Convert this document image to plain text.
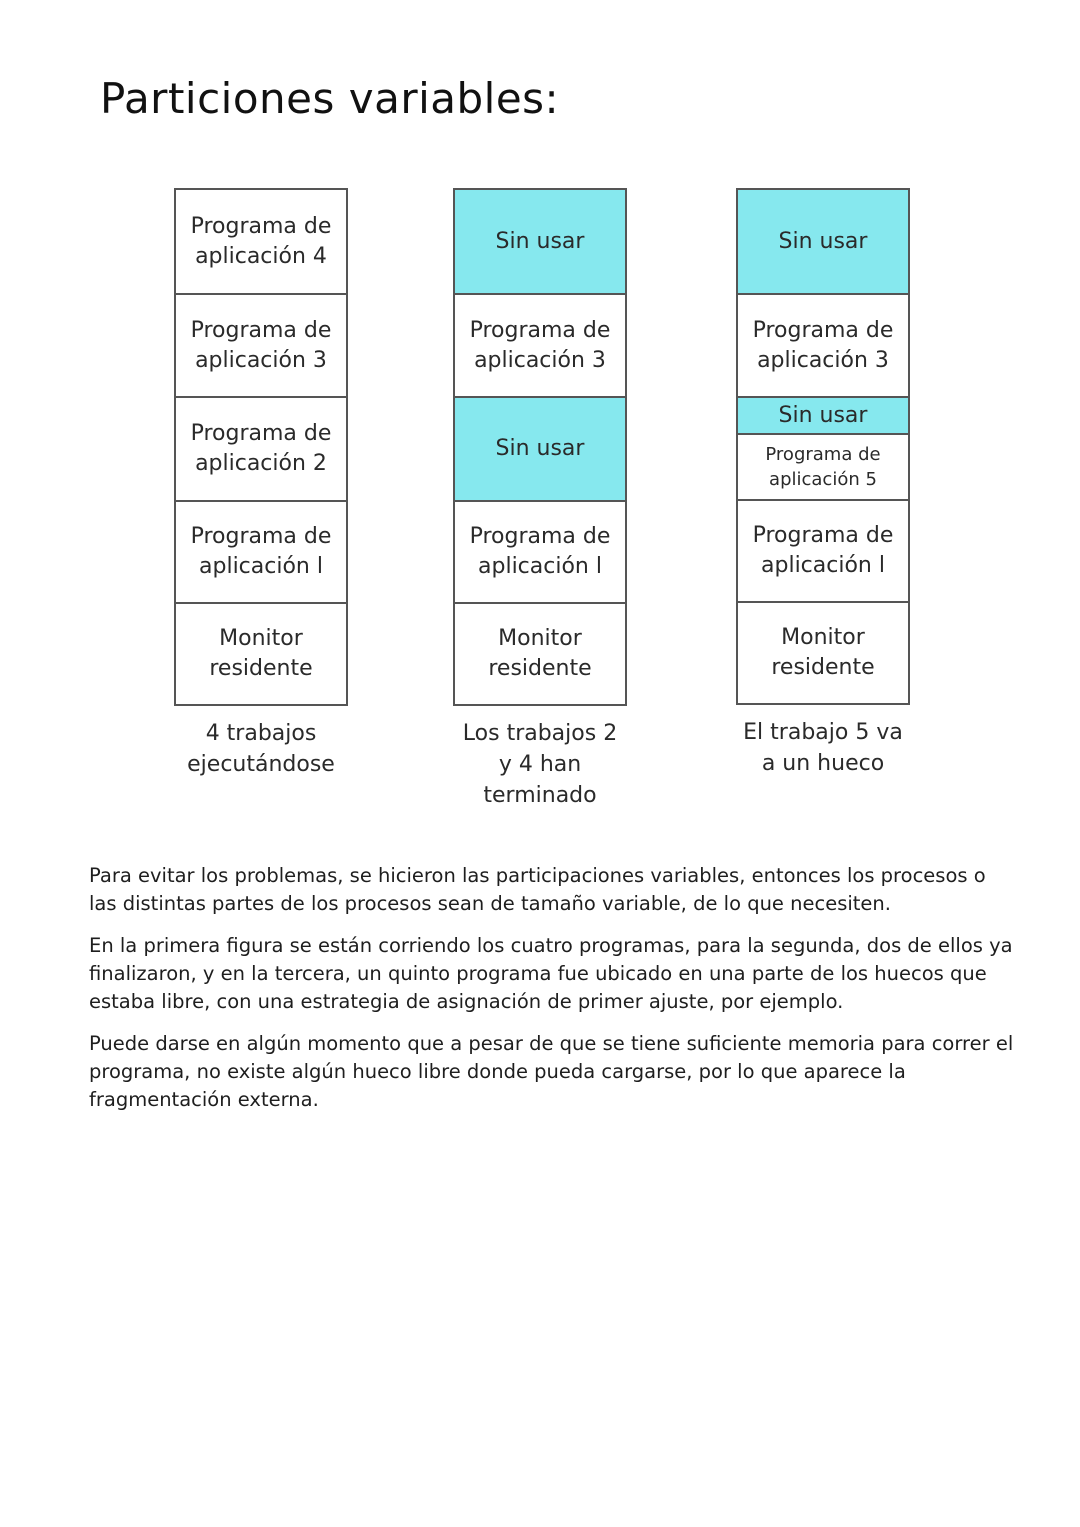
Particiones variables:
Programa de aplicación 4
Programa de aplicación 3
Programa de aplicación 2
Programa de aplicación l
Monitor residente
4 trabajos ejecutándose
Sin usar
Programa de aplicación 3
Sin usar
Programa de aplicación l
Monitor residente
Los trabajos 2 y 4 han terminado
Sin usar
Programa de aplicación 3
Sin usar
Programa de aplicación 5
Programa de aplicación l
Monitor residente
El trabajo 5 va a un hueco

Para evitar los problemas, se hicieron las participaciones variables, entonces los procesos o las distintas partes de los procesos sean de tamaño variable, de lo que necesiten.

En la primera figura se están corriendo los cuatro programas, para la segunda, dos de ellos ya finalizaron, y en la tercera, un quinto programa fue ubicado en una parte de los huecos que estaba libre, con una estrategia de asignación de primer ajuste, por ejemplo.

Puede darse en algún momento que a pesar de que se tiene suficiente memoria para correr el programa, no existe algún hueco libre donde pueda cargarse, por lo que aparece la fragmentación externa.
